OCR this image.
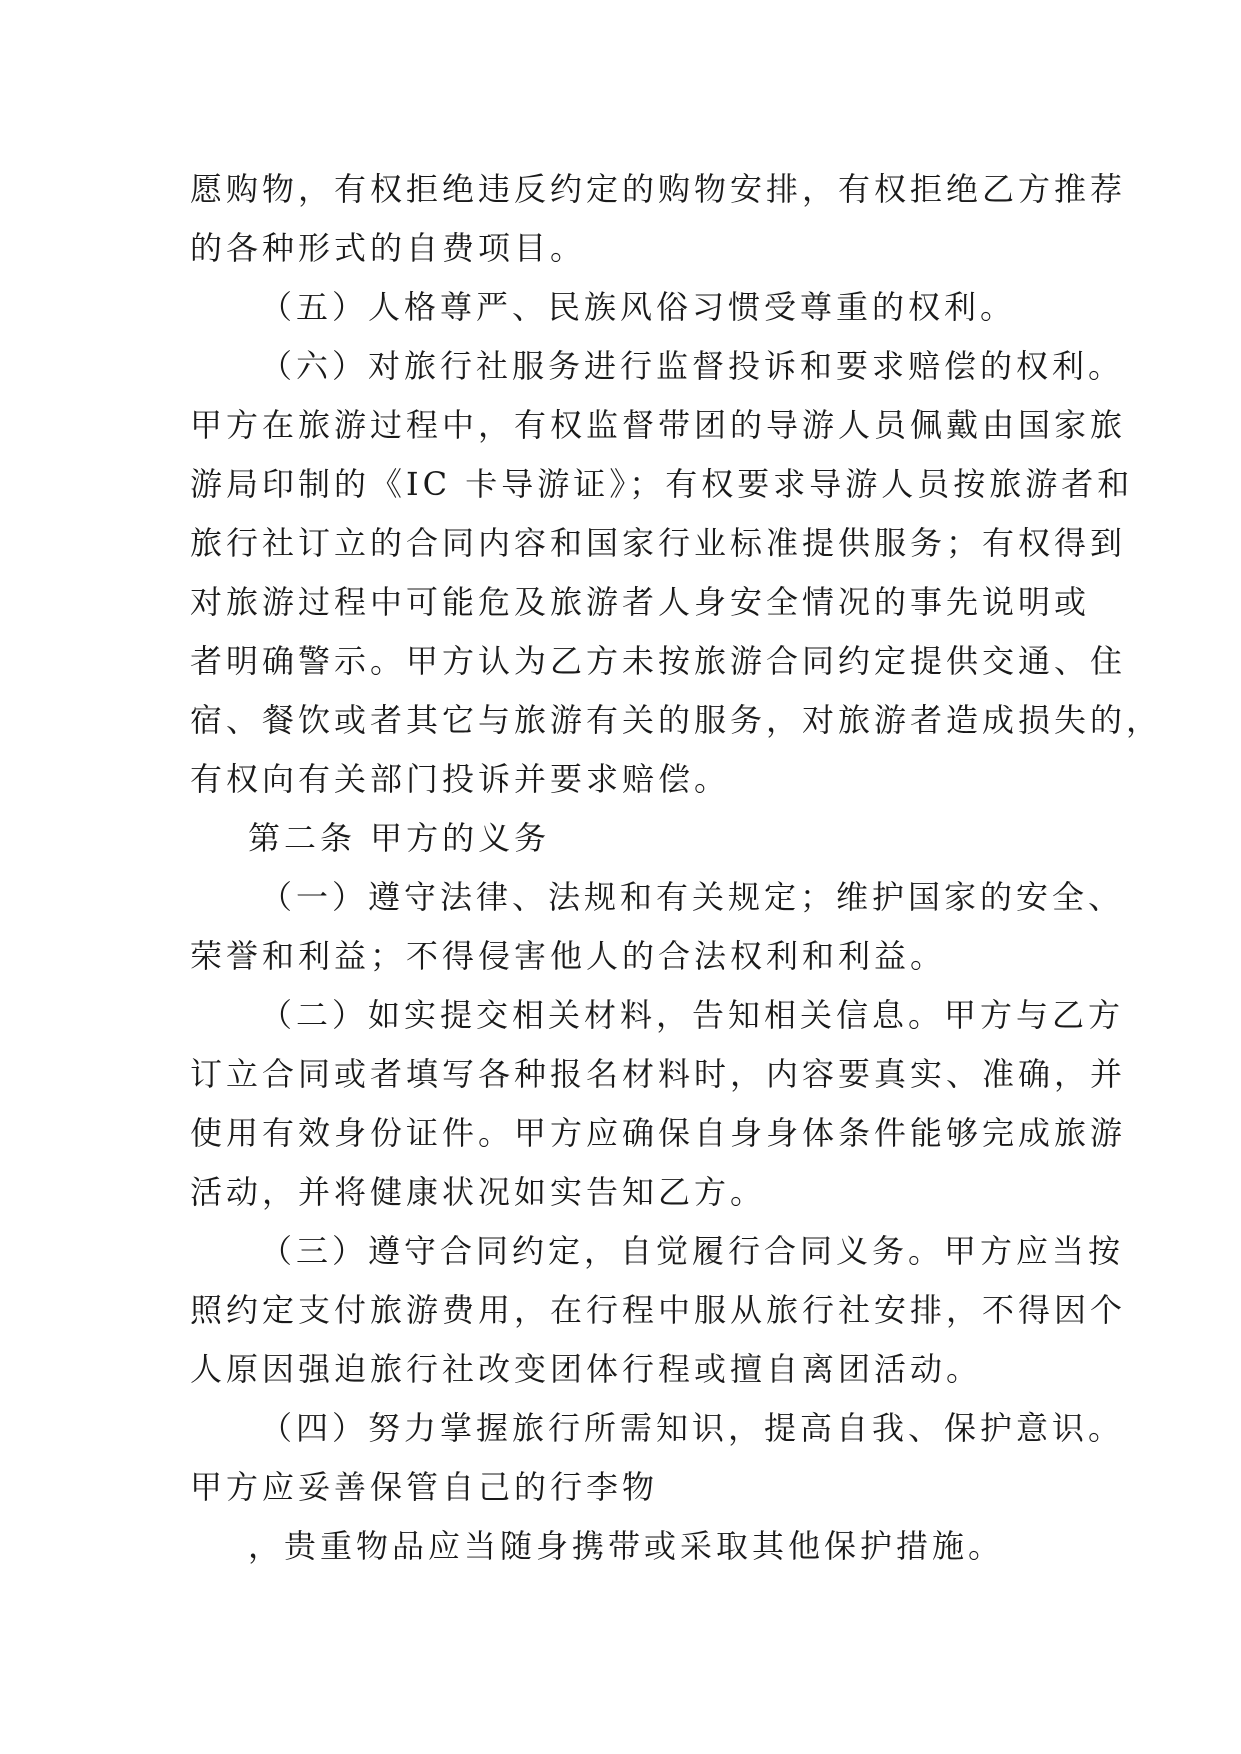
愿购物，有权拒绝违反约定的购物安排，有权拒绝乙方推荐
的各种形式的自费项目。
（五）人格尊严、民族风俗习惯受尊重的权利。
（六）对旅行社服务进行监督投诉和要求赔偿的权利。
甲方在旅游过程中，有权监督带团的导游人员佩戴由国家旅
游局印制的《IC 卡导游证》；有权要求导游人员按旅游者和
旅行社订立的合同内容和国家行业标准提供服务；有权得到
对旅游过程中可能危及旅游者人身安全情况的事先说明或
者明确警示。甲方认为乙方未按旅游合同约定提供交通、住
宿、餐饮或者其它与旅游有关的服务，对旅游者造成损失的，
有权向有关部门投诉并要求赔偿。
第二条 甲方的义务
（一）遵守法律、法规和有关规定；维护国家的安全、
荣誉和利益；不得侵害他人的合法权利和利益。
（二）如实提交相关材料，告知相关信息。甲方与乙方
订立合同或者填写各种报名材料时，内容要真实、准确，并
使用有效身份证件。甲方应确保自身身体条件能够完成旅游
活动，并将健康状况如实告知乙方。
（三）遵守合同约定，自觉履行合同义务。甲方应当按
照约定支付旅游费用，在行程中服从旅行社安排，不得因个
人原因强迫旅行社改变团体行程或擅自离团活动。
（四）努力掌握旅行所需知识，提高自我、保护意识。
甲方应妥善保管自己的行李物
，贵重物品应当随身携带或采取其他保护措施。
